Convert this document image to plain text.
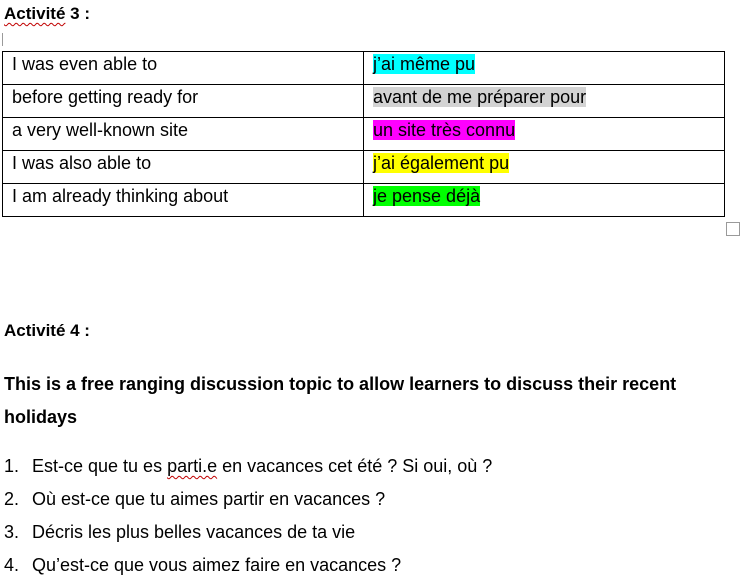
Activité 3 :
I was even able to	j’ai même pu
before getting ready for	avant de me préparer pour
a very well-known site	un site très connu
I was also able to	j’ai également pu
I am already thinking about	je pense déjà
Activité 4 :

This is a free ranging discussion topic to allow learners to discuss their recent holidays

1. Est-ce que tu es parti.e en vacances cet été ? Si oui, où ?
2. Où est-ce que tu aimes partir en vacances ?
3. Décris les plus belles vacances de ta vie
4. Qu’est-ce que vous aimez faire en vacances ?
